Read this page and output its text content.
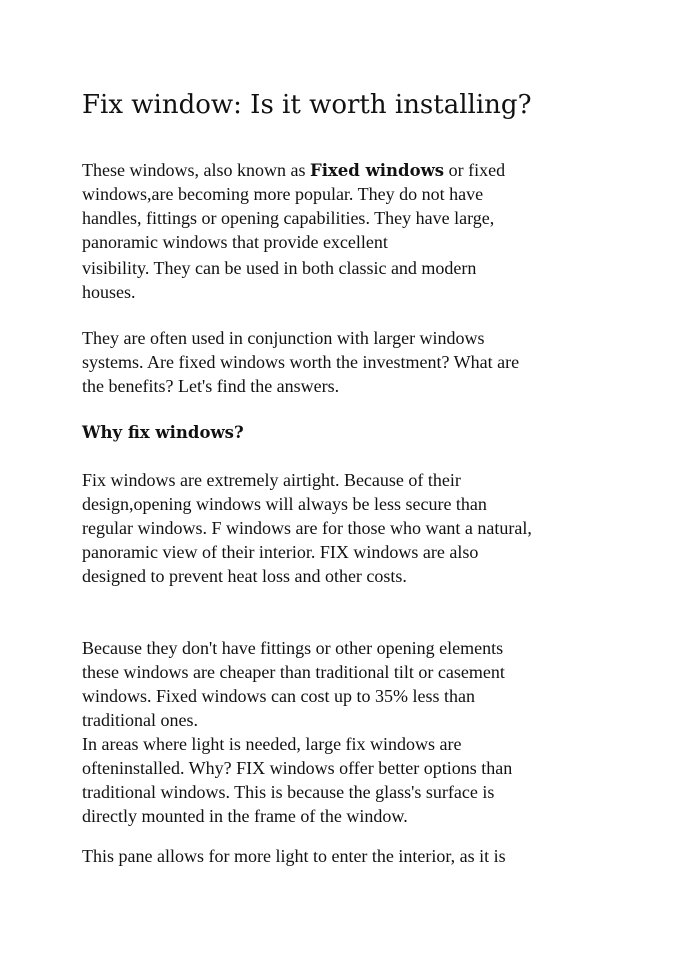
Fix window: Is it worth installing?
These windows, also known as Fixed windows or fixed
windows,are becoming more popular. They do not have
handles, fittings or opening capabilities. They have large,
panoramic windows that provide excellent
visibility. They can be used in both classic and modern
houses.
They are often used in conjunction with larger windows
systems. Are fixed windows worth the investment? What are
the benefits? Let's find the answers.
Why fix windows?
Fix windows are extremely airtight. Because of their
design,opening windows will always be less secure than
regular windows. F windows are for those who want a natural,
panoramic view of their interior. FIX windows are also
designed to prevent heat loss and other costs.
Because they don't have fittings or other opening elements
these windows are cheaper than traditional tilt or casement
windows. Fixed windows can cost up to 35% less than
traditional ones.
In areas where light is needed, large fix windows are
ofteninstalled. Why? FIX windows offer better options than
traditional windows. This is because the glass's surface is
directly mounted in the frame of the window.
This pane allows for more light to enter the interior, as it is
